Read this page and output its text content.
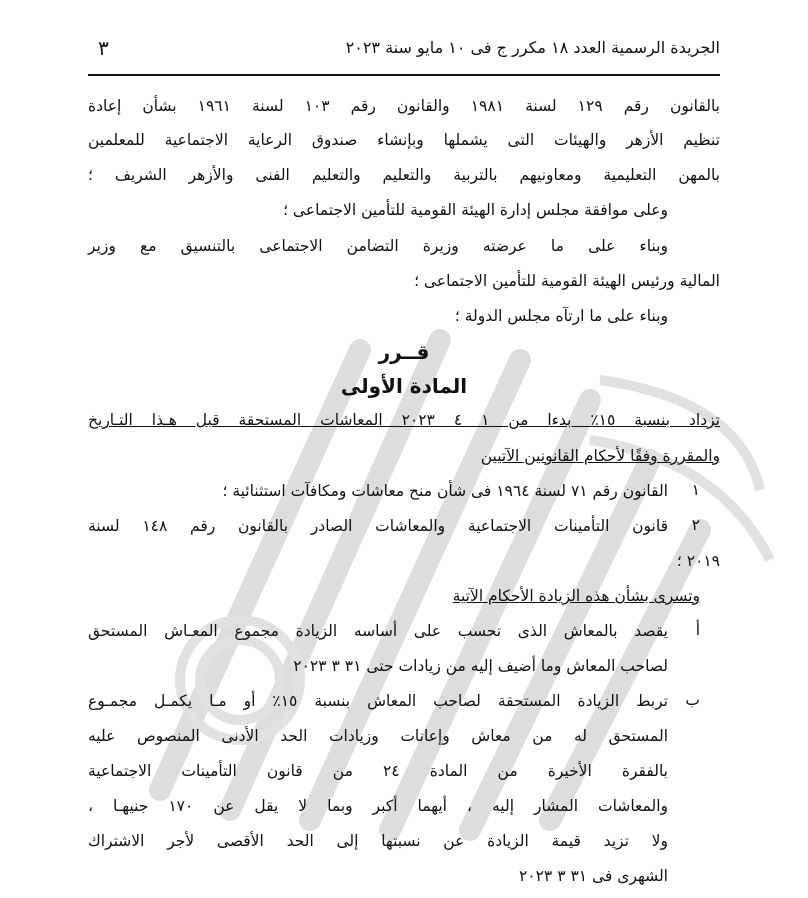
الجريدة الرسمية العدد ١٨ مكرر ج فى ١٠ مايو سنة ٢٠٢٣
٣
بالقانون رقم ١٢٩ لسنة ١٩٨١ والقانون رقم ١٠٣ لسنة ١٩٦١ بشأن إعادة
تنظيم الأزهر والهيئات التى يشملها وبإنشاء صندوق الرعاية الاجتماعية للمعلمين
بالمهن التعليمية ومعاونيهم بالتربية والتعليم والتعليم الفنى والأزهر الشريف ؛
وعلى موافقة مجلس إدارة الهيئة القومية للتأمين الاجتماعى ؛
وبناء على ما عرضته وزيرة التضامن الاجتماعى بالتنسيق مع وزير
المالية ورئيس الهيئة القومية للتأمين الاجتماعى ؛
وبناء على ما ارتآه مجلس الدولة ؛
قــرر
المادة الأولى
تزداد بنسبة ١٥٪ بدءا من ١ ٤ ٢٠٢٣ المعاشات المستحقة قبل هـذا التـاريخ
والمقررة وفقًا لأحكام القانونين الآتيين
١
القانون رقم ٧١ لسنة ١٩٦٤ فى شأن منح معاشات ومكافآت استثنائية ؛
٢
قانون التأمينات الاجتماعية والمعاشات الصادر بالقانون رقم ١٤٨ لسنة
٢٠١٩ ؛
وتسرى بشأن هذه الزيادة الأحكام الآتية
أ
يقصد بالمعاش الذى تحسب على أساسه الزيادة مجموع المعـاش المستحق
لصاحب المعاش وما أضيف إليه من زيادات حتى ٣١ ٣ ٢٠٢٣
ب
تربط الزيادة المستحقة لصاحب المعاش بنسبة ١٥٪ أو مـا يكمـل مجمـوع
المستحق له من معاش وإعانات وزيادات الحد الأدنى المنصوص عليه
بالفقرة الأخيرة من المادة ٢٤ من قانون التأمينات الاجتماعية
والمعاشات المشار إليه ، أيهما أكبر وبما لا يقل عن ١٧٠ جنيهـا ،
ولا تزيد قيمة الزيادة عن نسبتها إلى الحد الأقصى لأجر الاشتراك
الشهرى فى ٣١ ٣ ٢٠٢٣
